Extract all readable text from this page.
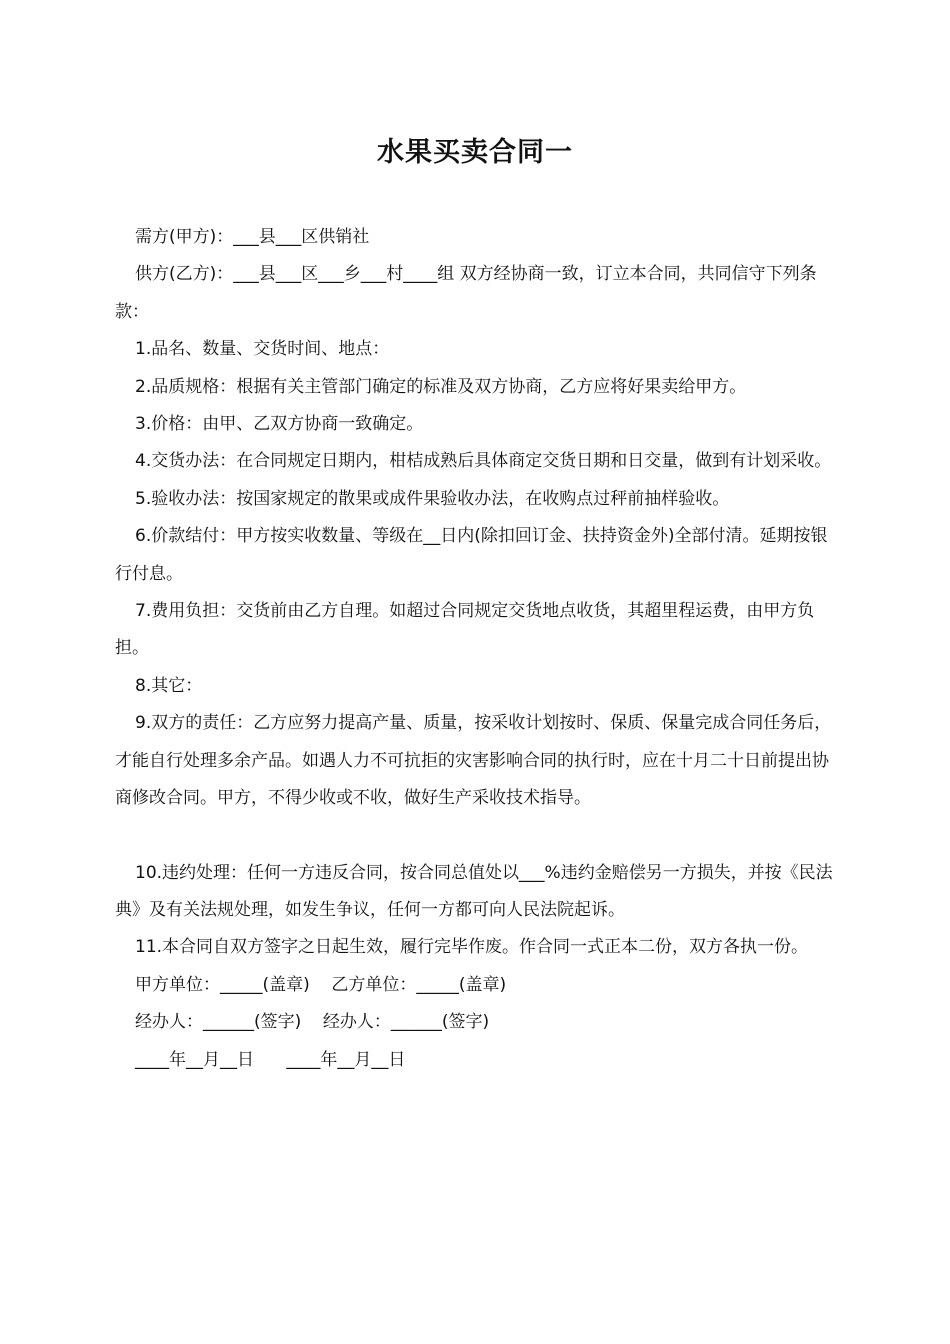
水果买卖合同一

需方(甲方)：___县___区供销社

供方(乙方)：___县___区___乡___村____组 双方经协商一致，订立本合同，共同信守下列条款：

1.品名、数量、交货时间、地点：

2.品质规格：根据有关主管部门确定的标准及双方协商，乙方应将好果卖给甲方。

3.价格：由甲、乙双方协商一致确定。

4.交货办法：在合同规定日期内，柑桔成熟后具体商定交货日期和日交量，做到有计划采收。

5.验收办法：按国家规定的散果或成件果验收办法，在收购点过秤前抽样验收。

6.价款结付：甲方按实收数量、等级在__日内(除扣回订金、扶持资金外)全部付清。延期按银行付息。

7.费用负担：交货前由乙方自理。如超过合同规定交货地点收货，其超里程运费，由甲方负担。

8.其它：

9.双方的责任：乙方应努力提高产量、质量，按采收计划按时、保质、保量完成合同任务后，才能自行处理多余产品。如遇人力不可抗拒的灾害影响合同的执行时，应在十月二十日前提出协商修改合同。甲方，不得少收或不收，做好生产采收技术指导。

10.违约处理：任何一方违反合同，按合同总值处以___%违约金赔偿另一方损失，并按《民法典》及有关法规处理，如发生争议，任何一方都可向人民法院起诉。

11.本合同自双方签字之日起生效，履行完毕作废。作合同一式正本二份，双方各执一份。

甲方单位：_____(盖章)    乙方单位：_____(盖章)

经办人：______(签字)    经办人：______(签字)

____年__月__日      ____年__月__日
